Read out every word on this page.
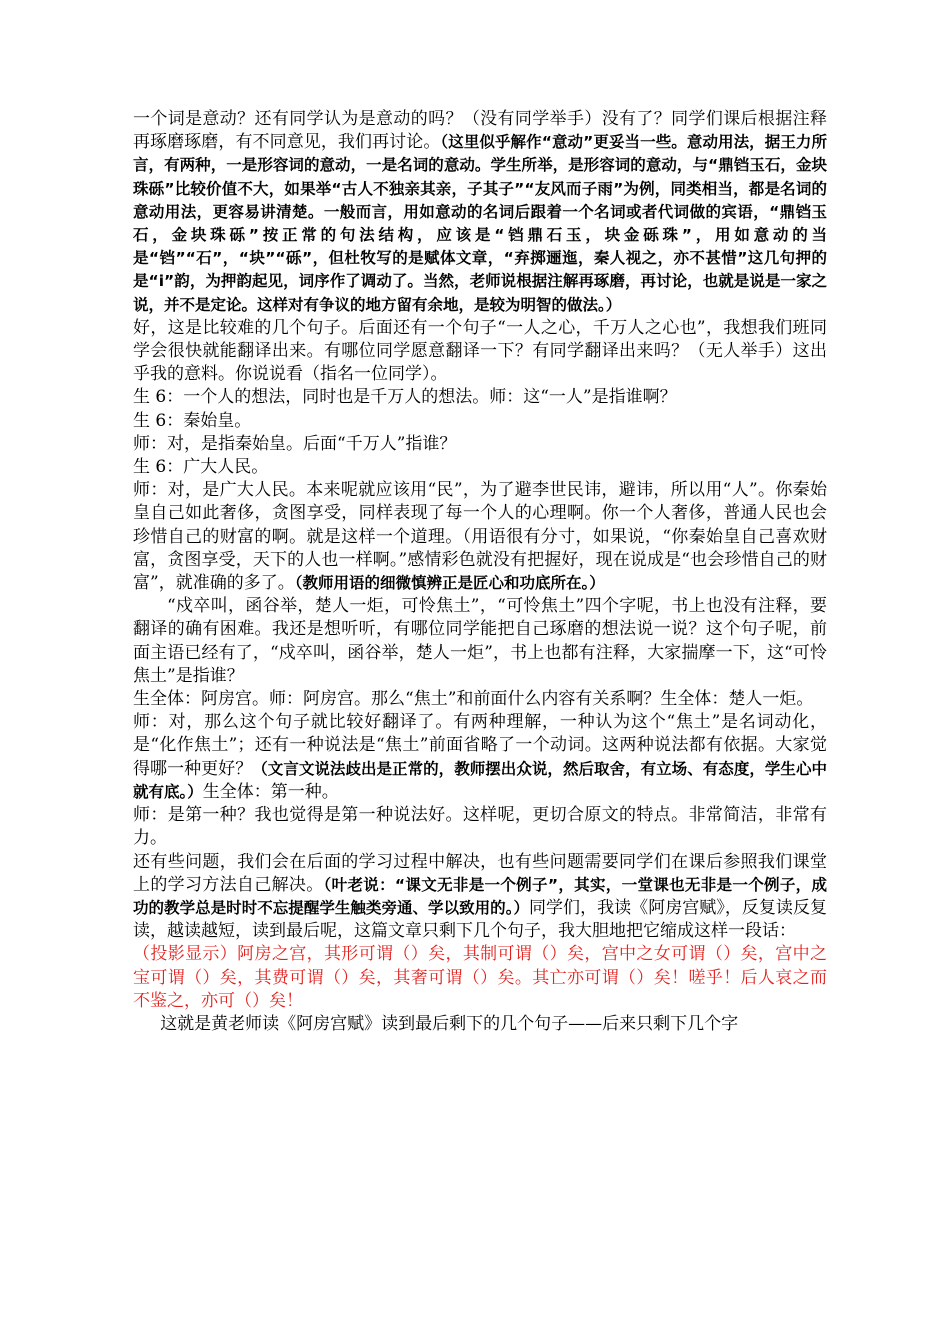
一个词是意动？还有同学认为是意动的吗？（没有同学举手）没有了？同学们课后根据注释再琢磨琢磨，有不同意见，我们再讨论。（这里似乎解作“意动”更妥当一些。意动用法，据王力所言，有两种，一是形容词的意动，一是名词的意动。学生所举，是形容词的意动，与“鼎铛玉石，金块珠砾”比较价值不大，如果举“古人不独亲其亲，子其子”“友风而子雨”为例，同类相当，都是名词的意动用法，更容易讲清楚。一般而言，用如意动的名词后跟着一个名词或者代词做的宾语，“鼎铛玉石，金块珠砾”按正常的句法结构，应该是“铛鼎石玉，块金砾珠”，用如意动的当是“铛”“石”，“块”“砾”，但杜牧写的是赋体文章，“弃掷逦迤，秦人视之，亦不甚惜”这几句押的是“i”韵，为押韵起见，词序作了调动了。当然，老师说根据注解再琢磨，再讨论，也就是说是一家之说，并不是定论。这样对有争议的地方留有余地，是较为明智的做法。）

好，这是比较难的几个句子。后面还有一个句子“一人之心，千万人之心也”，我想我们班同学会很快就能翻译出来。有哪位同学愿意翻译一下？有同学翻译出来吗？（无人举手）这出乎我的意料。你说说看（指名一位同学）。

生 6：一个人的想法，同时也是千万人的想法。师：这“一人”是指谁啊？

生 6：秦始皇。

师：对，是指秦始皇。后面“千万人”指谁？

生 6：广大人民。

师：对，是广大人民。本来呢就应该用“民”，为了避李世民讳，避讳，所以用“人”。你秦始皇自己如此奢侈，贪图享受，同样表现了每一个人的心理啊。你一个人奢侈，普通人民也会珍惜自己的财富的啊。就是这样一个道理。（用语很有分寸，如果说，“你秦始皇自己喜欢财富，贪图享受，天下的人也一样啊。”感情彩色就没有把握好，现在说成是“也会珍惜自己的财富”，就准确的多了。（教师用语的细微慎辨正是匠心和功底所在。）

“戍卒叫，函谷举，楚人一炬，可怜焦土”，“可怜焦土”四个字呢，书上也没有注释，要翻译的确有困难。我还是想听听，有哪位同学能把自己琢磨的想法说一说？这个句子呢，前面主语已经有了，“戍卒叫，函谷举，楚人一炬”，书上也都有注释，大家揣摩一下，这“可怜焦土”是指谁？

生全体：阿房宫。师：阿房宫。那么“焦土”和前面什么内容有关系啊？生全体：楚人一炬。

师：对，那么这个句子就比较好翻译了。有两种理解，一种认为这个“焦土”是名词动化，是“化作焦土”；还有一种说法是“焦土”前面省略了一个动词。这两种说法都有依据。大家觉得哪一种更好？（文言文说法歧出是正常的，教师摆出众说，然后取舍，有立场、有态度，学生心中就有底。）生全体：第一种。

师：是第一种？我也觉得是第一种说法好。这样呢，更切合原文的特点。非常简洁，非常有力。

还有些问题，我们会在后面的学习过程中解决，也有些问题需要同学们在课后参照我们课堂上的学习方法自己解决。（叶老说：“课文无非是一个例子”，其实，一堂课也无非是一个例子，成功的教学总是时时不忘提醒学生触类旁通、学以致用的。）同学们，我读《阿房宫赋》，反复读反复读，越读越短，读到最后呢，这篇文章只剩下几个句子，我大胆地把它缩成这样一段话：

（投影显示）阿房之宫，其形可谓（）矣，其制可谓（）矣，宫中之女可谓（）矣，宫中之宝可谓（）矣，其费可谓（）矣，其奢可谓（）矣。其亡亦可谓（）矣！嗟乎！后人哀之而不鉴之，亦可（）矣！

这就是黄老师读《阿房宫赋》读到最后剩下的几个句子——后来只剩下几个字
